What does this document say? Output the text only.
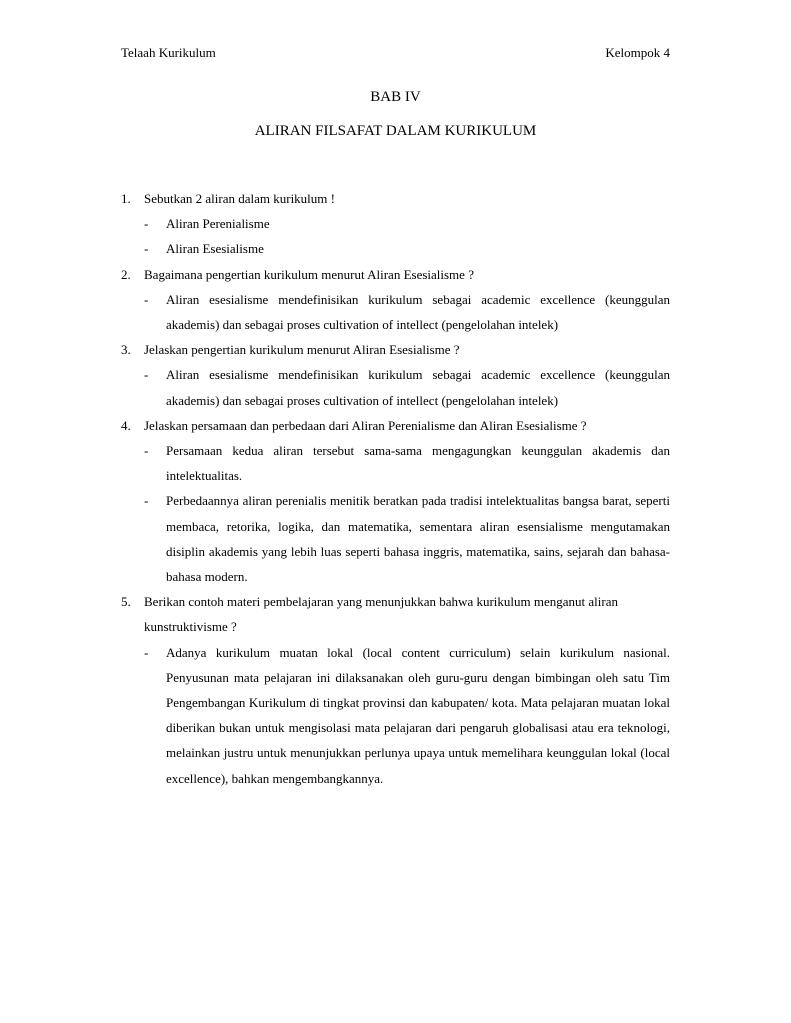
Telaah Kurikulum	Kelompok 4
BAB IV
ALIRAN FILSAFAT DALAM KURIKULUM
1. Sebutkan 2 aliran dalam kurikulum !
- Aliran Perenialisme
- Aliran Esesialisme
2. Bagaimana pengertian kurikulum menurut Aliran Esesialisme ?
- Aliran esesialisme mendefinisikan kurikulum sebagai academic excellence (keunggulan akademis) dan sebagai proses cultivation of intellect (pengelolahan intelek)
3. Jelaskan pengertian kurikulum menurut Aliran Esesialisme ?
- Aliran esesialisme mendefinisikan kurikulum sebagai academic excellence (keunggulan akademis) dan sebagai proses cultivation of intellect (pengelolahan intelek)
4. Jelaskan persamaan dan perbedaan dari Aliran Perenialisme dan Aliran Esesialisme ?
- Persamaan kedua aliran tersebut sama-sama mengagungkan keunggulan akademis dan intelektualitas.
- Perbedaannya aliran perenialis menitik beratkan pada tradisi intelektualitas bangsa barat, seperti membaca, retorika, logika, dan matematika, sementara aliran esensialisme mengutamakan disiplin akademis yang lebih luas seperti bahasa inggris, matematika, sains, sejarah dan bahasa-bahasa modern.
5. Berikan contoh materi pembelajaran yang menunjukkan bahwa kurikulum menganut aliran kunstruktivisme ?
- Adanya kurikulum muatan lokal (local content curriculum) selain kurikulum nasional. Penyusunan mata pelajaran ini dilaksanakan oleh guru-guru dengan bimbingan oleh satu Tim Pengembangan Kurikulum di tingkat provinsi dan kabupaten/ kota. Mata pelajaran muatan lokal diberikan bukan untuk mengisolasi mata pelajaran dari pengaruh globalisasi atau era teknologi, melainkan justru untuk menunjukkan perlunya upaya untuk memelihara keunggulan lokal (local excellence), bahkan mengembangkannya.
